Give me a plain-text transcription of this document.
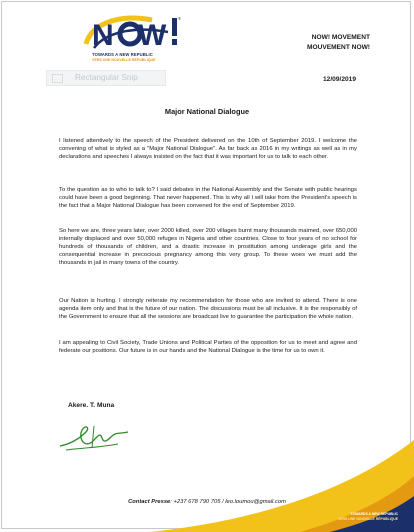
N W
®
TOWARDS A NEW REPUBLIC
VERS UNE NOUVELLE RÉPUBLIQUE
NOW! MOVEMENT
MOUVEMENT NOW!
Rectangular Snip	12/09/2019
Major National Dialogue

I listened attentively to the speech of the President delivered on the 10th of September 2019. I welcome the convening of what is styled as a "Major National Dialogue". As far back as 2016 in my writings as well as in my declarations and speeches I always insisted on the fact that it was important for us to talk to each other.

To the question as to who to talk to? I said debates in the National Assembly and the Senate with public hearings could have been a good beginning. That never happened. This is why all I will take from the President's speech is the fact that a Major National Dialogue has been convened for the end of September 2019.

So here we are, three years later, over 2000 killed, over 200 villages burnt many thousands maimed, over 650,000 internally displaced and over 50,000 refuges in Nigeria and other countries. Close to four years of no school for hundreds of thousands of children, and a drastic increase in prostitution among underage girls and the consequential increase in precocious pregnancy among this very group. To these woes we must add the thousands in jail in many towns of the country.

Our Nation is hurting. I strongly reiterate my recommendation for those who are invited to attend. There is one agenda item only and that is the future of our nation. The discussions must be all inclusive. It is the responsibly of the Government to ensure that all the sessions are broadcast live to guarantee the participation the whole nation.

I am appealing to Civil Society, Trade Unions and Political Parties of the opposition for us to meet and agree and federate our positions. Our future is in our hands and the National Dialogue is the time for us to own it.

Akere. T. Muna
Contact Presse: +237 678 790 705 / leo.loumou@gmail.com
TOWARDS A NEW REPUBLIC
VERS UNE NOUVELLE RÉPUBLIQUE
